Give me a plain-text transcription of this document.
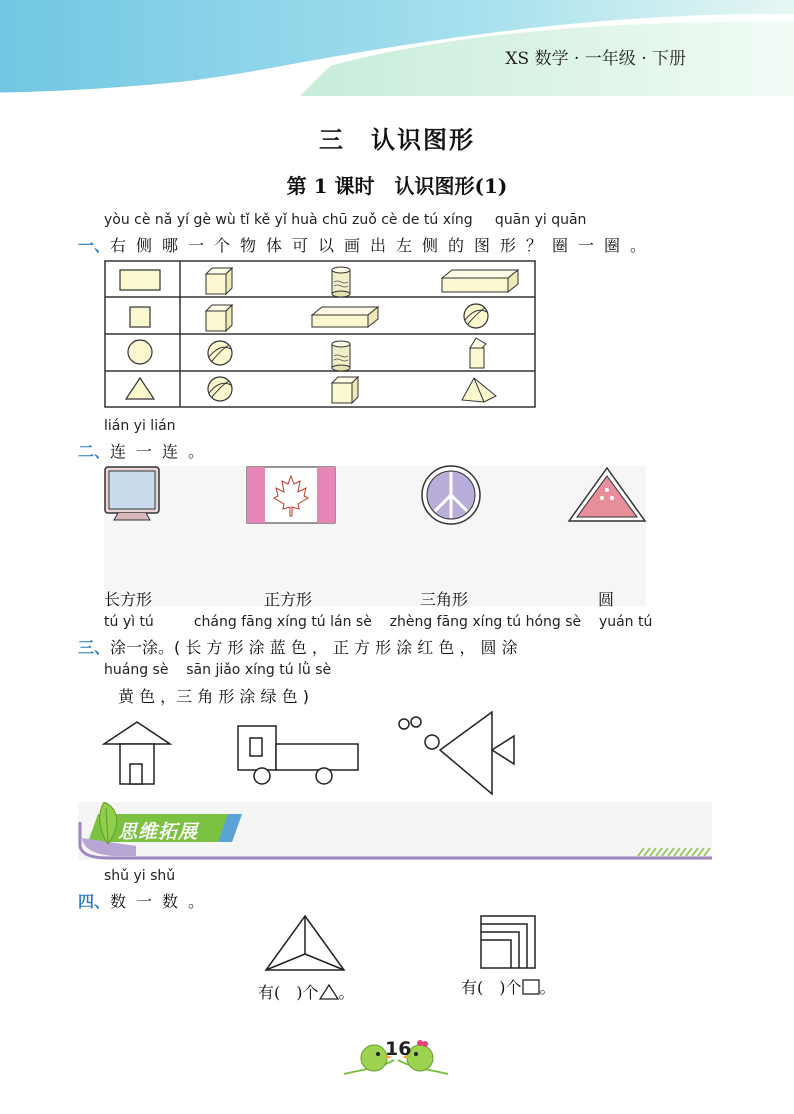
XS 数学 · 一年级 · 下册
三　认识图形
第 1 课时　认识图形(1)
yòu cè nǎ yí gè wù tǐ kě yǐ huà chū zuǒ cè de tú xíng     quān yi quān
一、右侧哪一个物体可以画出左侧的图形？圈一圈。
lián yi lián
二、连一连。
长方形	正方形	三角形	圆
tú yì tú         cháng fāng xíng tú lán sè    zhèng fāng xíng tú hóng sè    yuán tú
三、涂一涂。( 长 方 形 涂 蓝 色 ， 正 方 形 涂 红 色 ， 圆 涂
huáng sè    sān jiǎo xíng tú lǜ sè
黄 色 ，三 角 形 涂 绿 色 )
思维拓展
shǔ yi shǔ
四、数一数。
有(　)个 。	有(　)个 。
16
